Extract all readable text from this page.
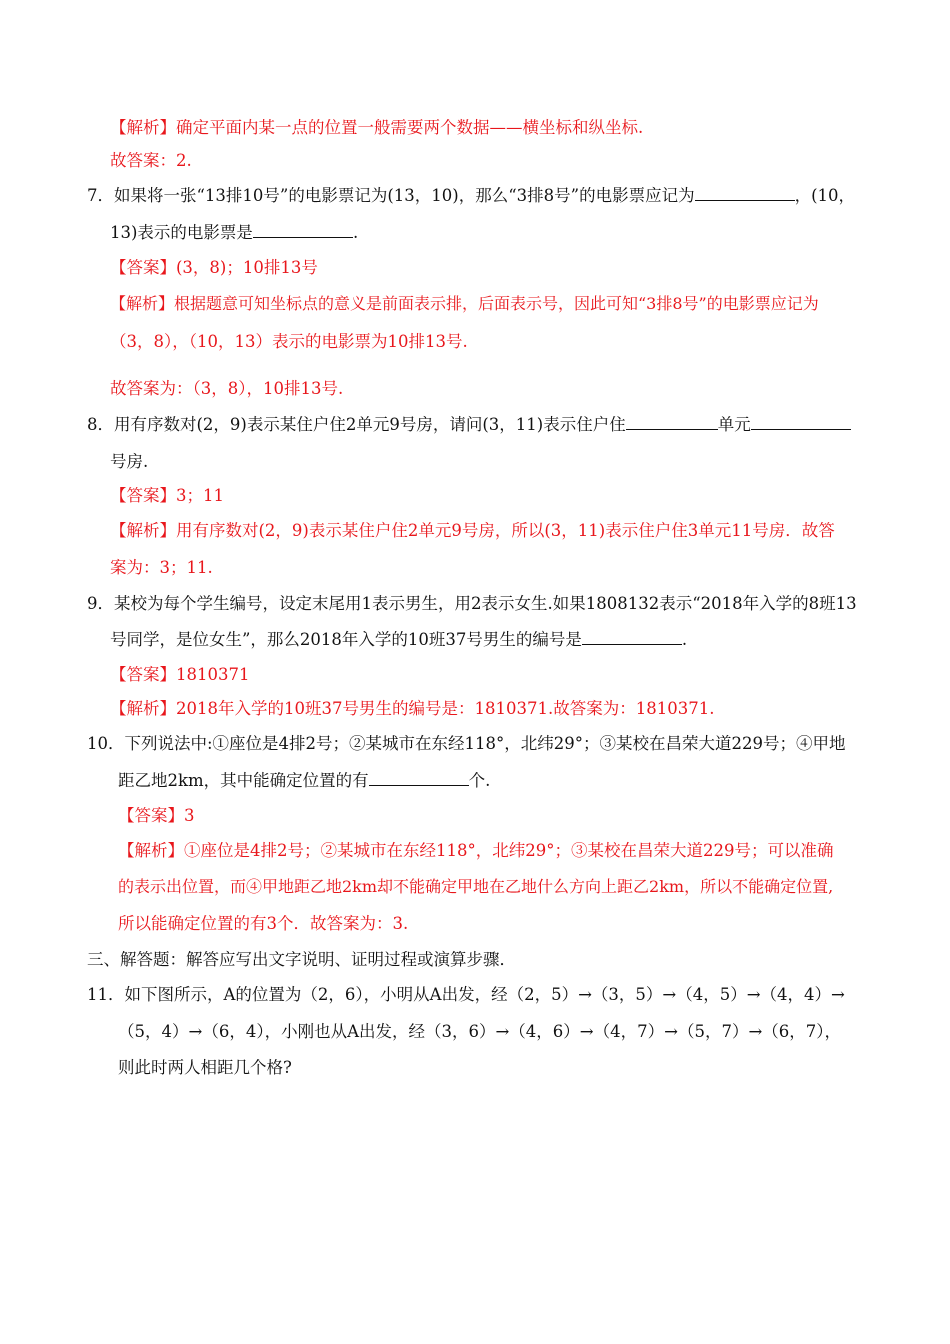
【解析】确定平面内某一点的位置一般需要两个数据——横坐标和纵坐标.
故答案：2.
7．如果将一张“13排10号”的电影票记为(13，10)，那么“3排8号”的电影票应记为	，(10，
13)表示的电影票是	.
【答案】(3，8)；10排13号
【解析】根据题意可知坐标点的意义是前面表示排，后面表示号，因此可知“3排8号”的电影票应记为
（3，8），（10，13）表示的电影票为10排13号.
故答案为：（3，8），10排13号.
8．用有序数对(2，9)表示某住户住2单元9号房，请问(3，11)表示住户住	单元
号房.
【答案】3；11
【解析】用有序数对(2，9)表示某住户住2单元9号房，所以(3，11)表示住户住3单元11号房．故答
案为：3；11.
9．某校为每个学生编号，设定末尾用1表示男生，用2表示女生.如果1808132表示“2018年入学的8班13
号同学，是位女生”，那么2018年入学的10班37号男生的编号是	.
【答案】1810371
【解析】2018年入学的10班37号男生的编号是：1810371.故答案为：1810371.
10．下列说法中:①座位是4排2号；②某城市在东经118°，北纬29°；③某校在昌荣大道229号；④甲地
距乙地2km，其中能确定位置的有	个.
【答案】3
【解析】①座位是4排2号；②某城市在东经118°，北纬29°；③某校在昌荣大道229号；可以准确
的表示出位置，而④甲地距乙地2km却不能确定甲地在乙地什么方向上距乙2km，所以不能确定位置,
所以能确定位置的有3个．故答案为：3.
三、解答题：解答应写出文字说明、证明过程或演算步骤．
11．如下图所示，A的位置为（2，6），小明从A出发，经（2，5）→（3，5）→（4，5）→（4，4）→
（5，4）→（6，4），小刚也从A出发，经（3，6）→（4，6）→（4，7）→（5，7）→（6，7），
则此时两人相距几个格?
